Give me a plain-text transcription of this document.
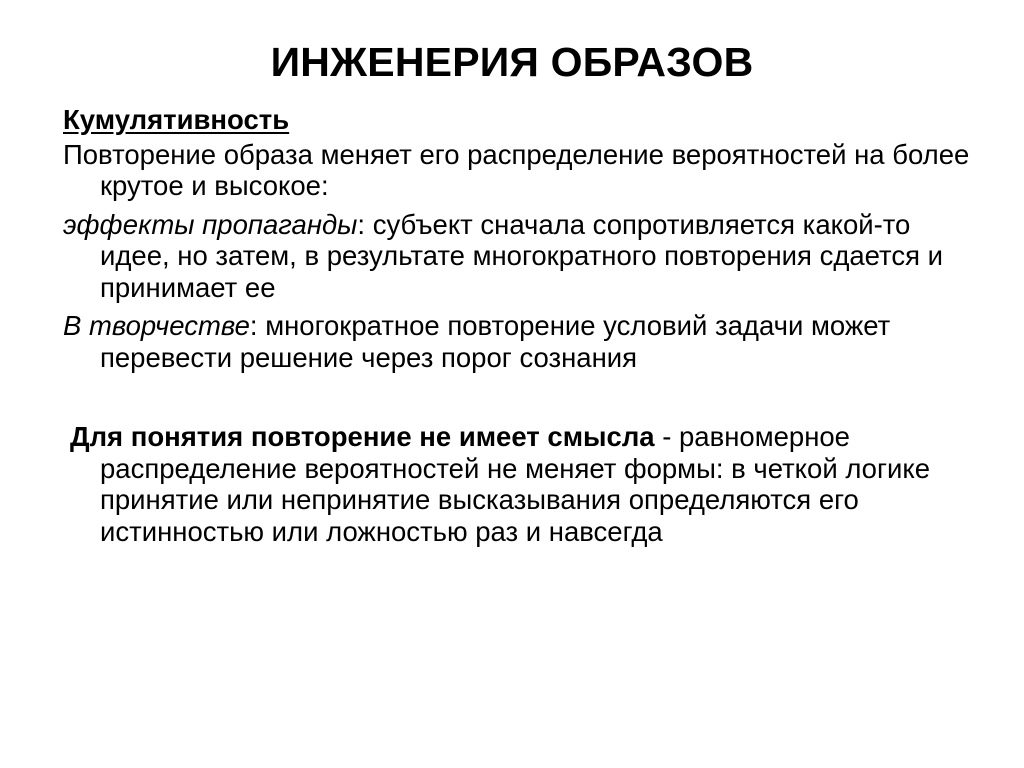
ИНЖЕНЕРИЯ ОБРАЗОВ
Кумулятивность
Повторение образа меняет его распределение вероятностей на более крутое и высокое:
эффекты пропаганды: субъект сначала сопротивляется какой-то идее, но затем, в результате многократного повторения сдается и принимает ее
В творчестве: многократное повторение условий задачи может перевести решение через порог сознания
Для понятия повторение не имеет смысла - равномерное распределение вероятностей не меняет формы: в четкой логике принятие или непринятие высказывания определяются его истинностью или ложностью раз и навсегда
